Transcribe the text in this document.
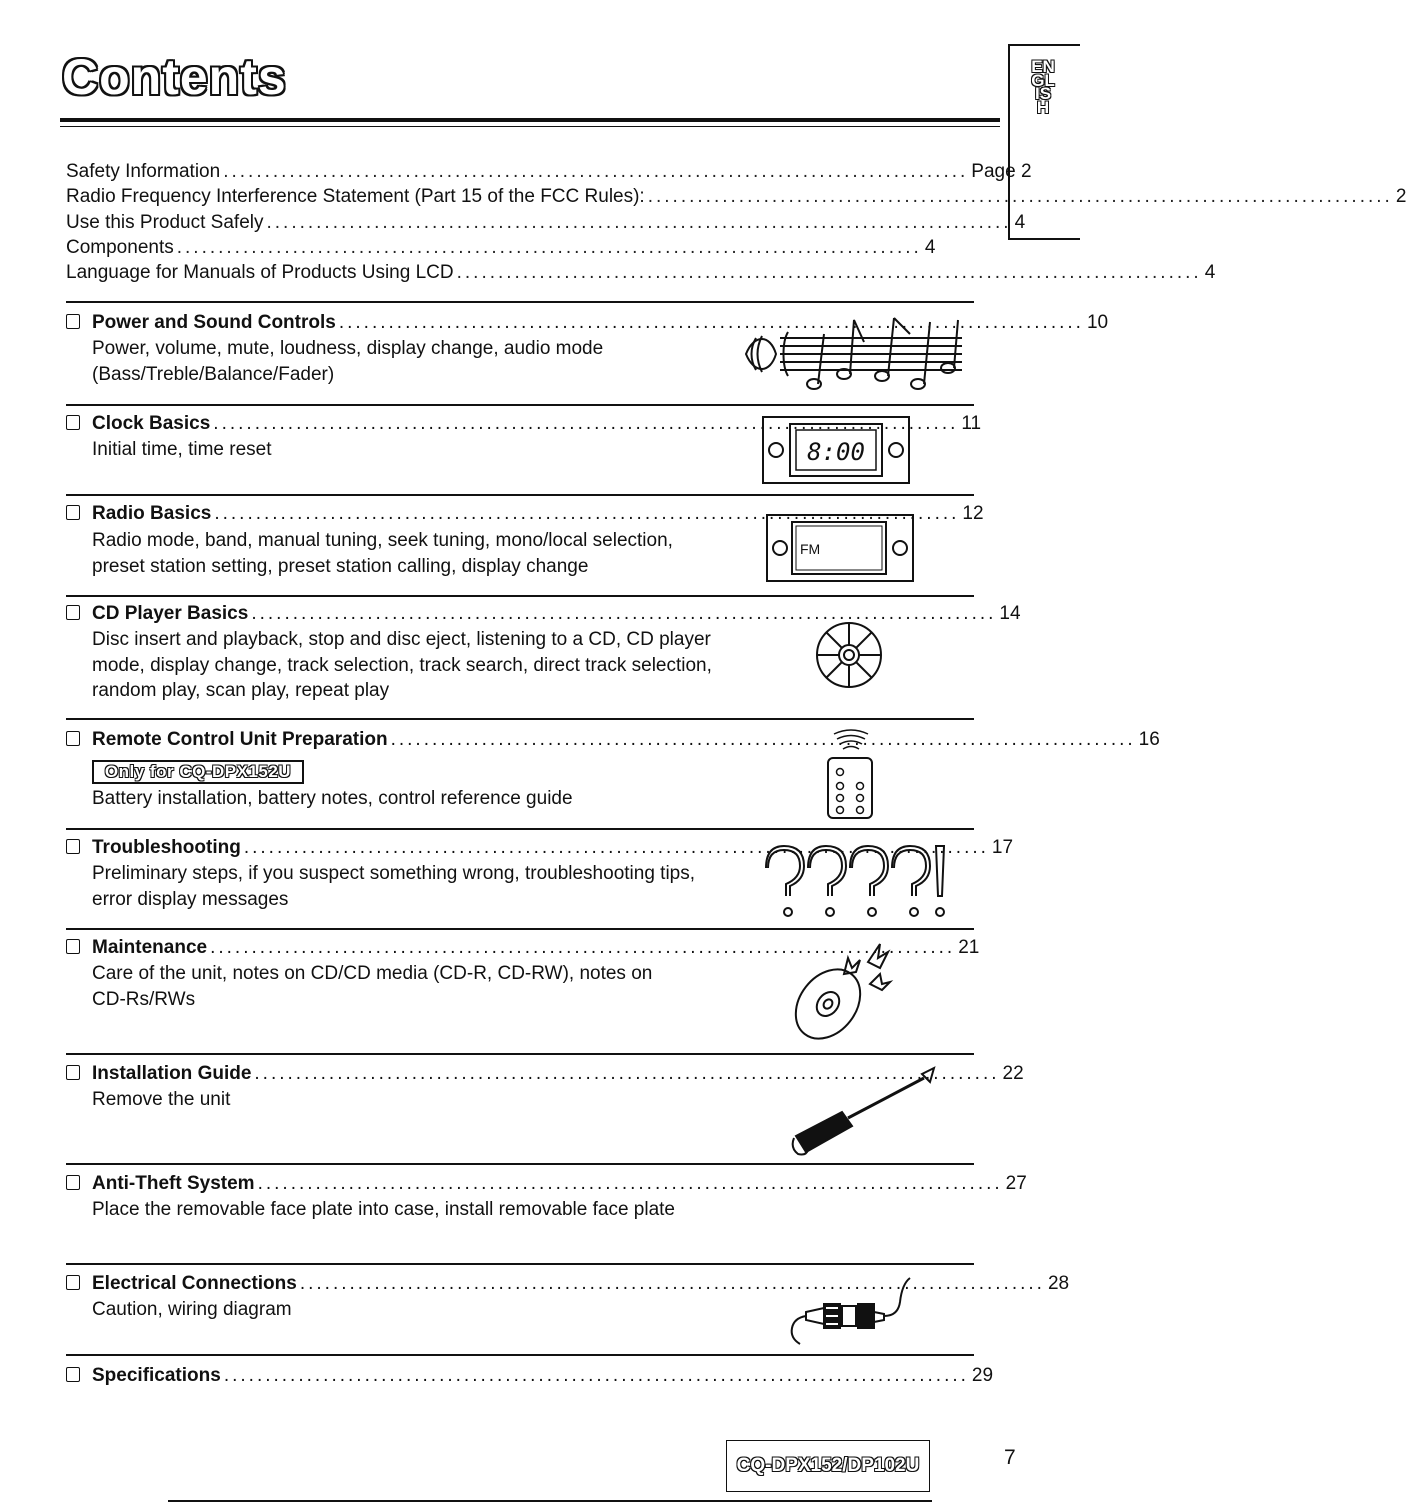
Contents	ENGLISH
Safety Information .......................................................................................... Page 2
Radio Frequency Interference Statement (Part 15 of the FCC Rules): .......................................................................................... 2
Use this Product Safely .......................................................................................... 4
Components .......................................................................................... 4
Language for Manuals of Products Using LCD .......................................................................................... 4
Power and Sound Controls .......................................................................................... 10
Power, volume, mute, loudness, display change, audio mode (Bass/Treble/Balance/Fader)
Clock Basics .......................................................................................... 11
Initial time, time reset	8:00
Radio Basics .......................................................................................... 12
Radio mode, band, manual tuning, seek tuning, mono/local selection, preset station setting, preset station calling, display change
FM
CD Player Basics .......................................................................................... 14
Disc insert and playback, stop and disc eject, listening to a CD, CD player mode, display change, track selection, track search, direct track selection, random play, scan play, repeat play
Remote Control Unit Preparation .......................................................................................... 16
Only for CQ-DPX152U
Battery installation, battery notes, control reference guide
Troubleshooting .......................................................................................... 17
Preliminary steps, if you suspect something wrong, troubleshooting tips, error display messages
Maintenance .......................................................................................... 21
Care of the unit, notes on CD/CD media (CD-R, CD-RW), notes on CD-Rs/RWs
Installation Guide .......................................................................................... 22
Remove the unit
Anti-Theft System .......................................................................................... 27
Place the removable face plate into case, install removable face plate
Electrical Connections .......................................................................................... 28
Caution, wiring diagram
Specifications .......................................................................................... 29
CQ-DPX152/DP102U	7
